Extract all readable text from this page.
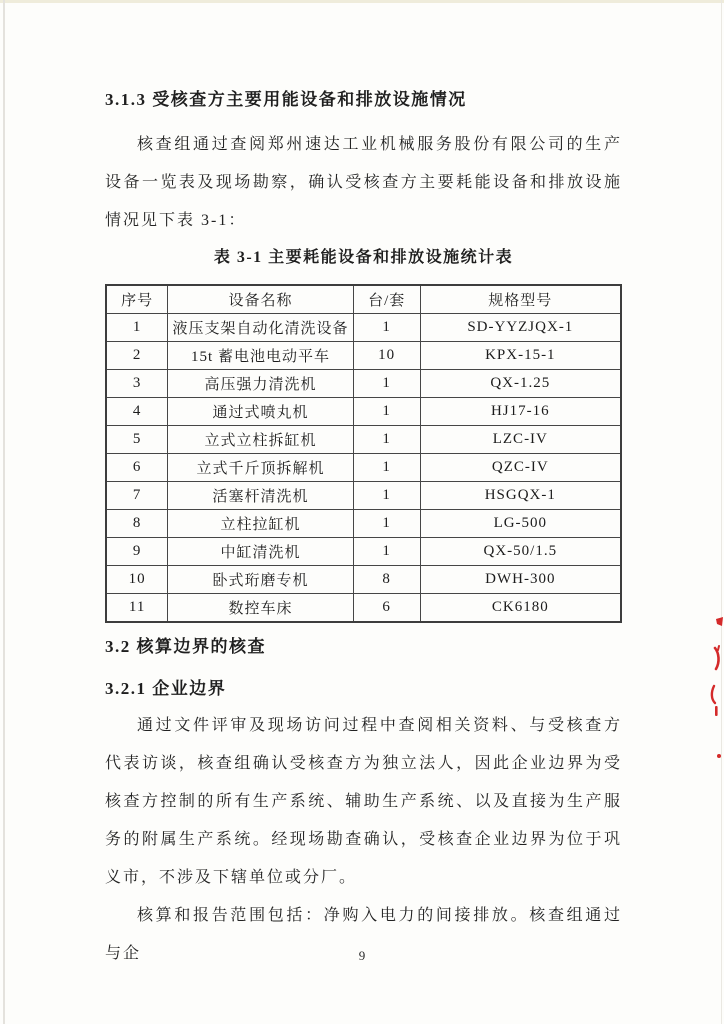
3.1.3 受核查方主要用能设备和排放设施情况

核查组通过查阅郑州速达工业机械服务股份有限公司的生产设备一览表及现场勘察，确认受核查方主要耗能设备和排放设施情况见下表 3-1：

表 3-1 主要耗能设备和排放设施统计表
序号	设备名称	台/套	规格型号
1	液压支架自动化清洗设备	1	SD-YYZJQX-1
2	15t 蓄电池电动平车	10	KPX-15-1
3	高压强力清洗机	1	QX-1.25
4	通过式喷丸机	1	HJ17-16
5	立式立柱拆缸机	1	LZC-IV
6	立式千斤顶拆解机	1	QZC-IV
7	活塞杆清洗机	1	HSGQX-1
8	立柱拉缸机	1	LG-500
9	中缸清洗机	1	QX-50/1.5
10	卧式珩磨专机	8	DWH-300
11	数控车床	6	CK6180
3.2 核算边界的核查
3.2.1 企业边界

通过文件评审及现场访问过程中查阅相关资料、与受核查方代表访谈，核查组确认受核查方为独立法人，因此企业边界为受核查方控制的所有生产系统、辅助生产系统、以及直接为生产服务的附属生产系统。经现场勘查确认，受核查企业边界为位于巩义市，不涉及下辖单位或分厂。

核算和报告范围包括：净购入电力的间接排放。核查组通过与企	9
